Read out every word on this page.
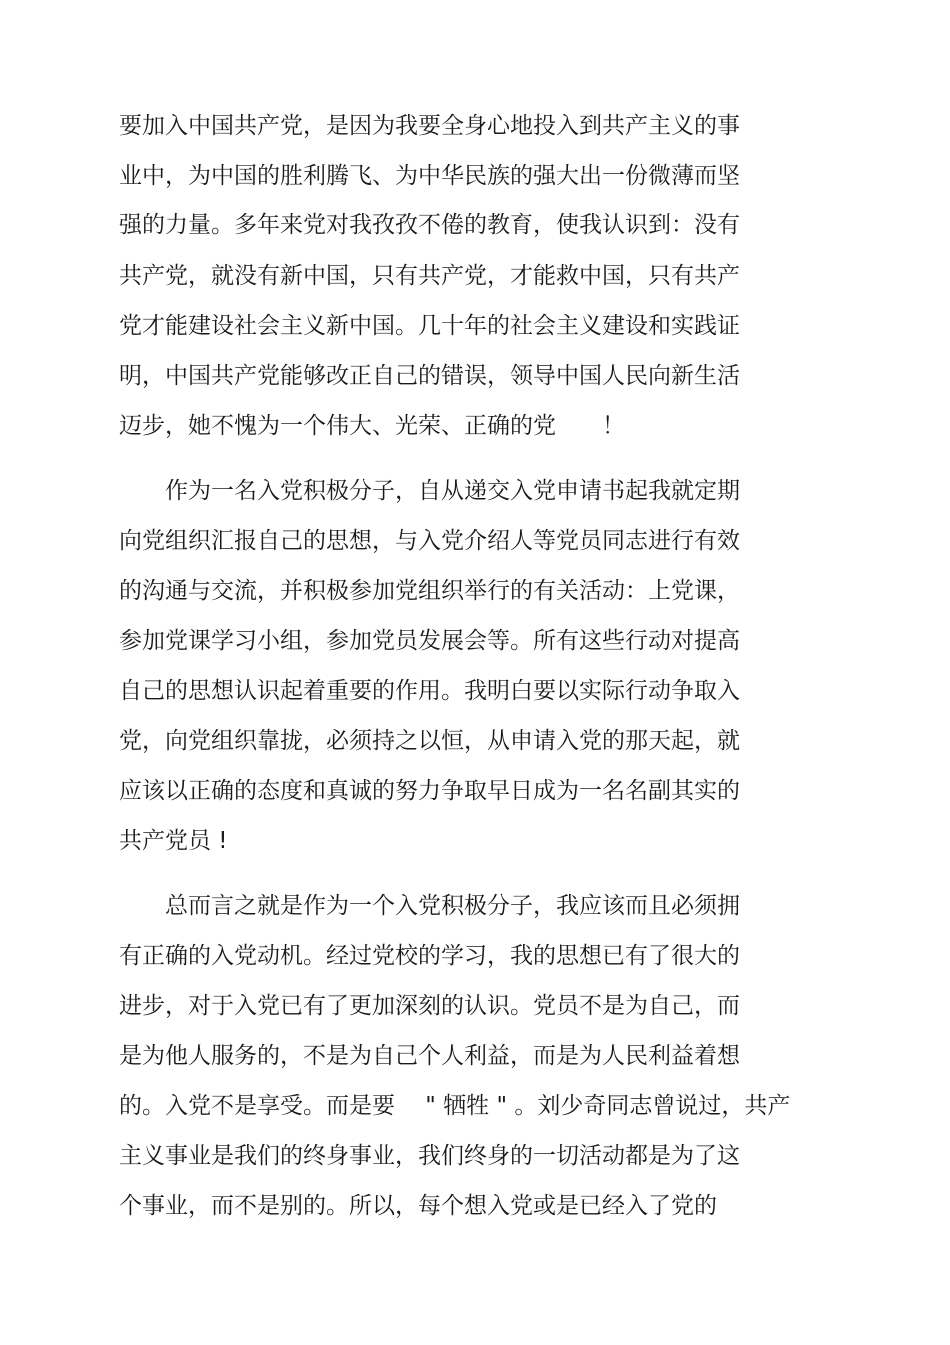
要加入中国共产党，是因为我要全身心地投入到共产主义的事

业中，为中国的胜利腾飞、为中华民族的强大出一份微薄而坚

强的力量。多年来党对我孜孜不倦的教育，使我认识到：没有

共产党，就没有新中国，只有共产党，才能救中国，只有共产

党才能建设社会主义新中国。几十年的社会主义建设和实践证

明，中国共产党能够改正自己的错误，领导中国人民向新生活

迈步，她不愧为一个伟大、光荣、正确的党　　！

　　作为一名入党积极分子，自从递交入党申请书起我就定期

向党组织汇报自己的思想，与入党介绍人等党员同志进行有效

的沟通与交流，并积极参加党组织举行的有关活动：上党课，

参加党课学习小组，参加党员发展会等。所有这些行动对提高

自己的思想认识起着重要的作用。我明白要以实际行动争取入

党，向党组织靠拢，必须持之以恒，从申请入党的那天起，就

应该以正确的态度和真诚的努力争取早日成为一名名副其实的

共产党员 !

　　总而言之就是作为一个入党积极分子，我应该而且必须拥

有正确的入党动机。经过党校的学习，我的思想已有了很大的

进步，对于入党已有了更加深刻的认识。党员不是为自己，而

是为他人服务的，不是为自己个人利益，而是为人民利益着想

的。入党不是享受。而是要　 " 牺牲 " 。刘少奇同志曾说过，共产

主义事业是我们的终身事业，我们终身的一切活动都是为了这

个事业，而不是别的。所以，每个想入党或是已经入了党的
